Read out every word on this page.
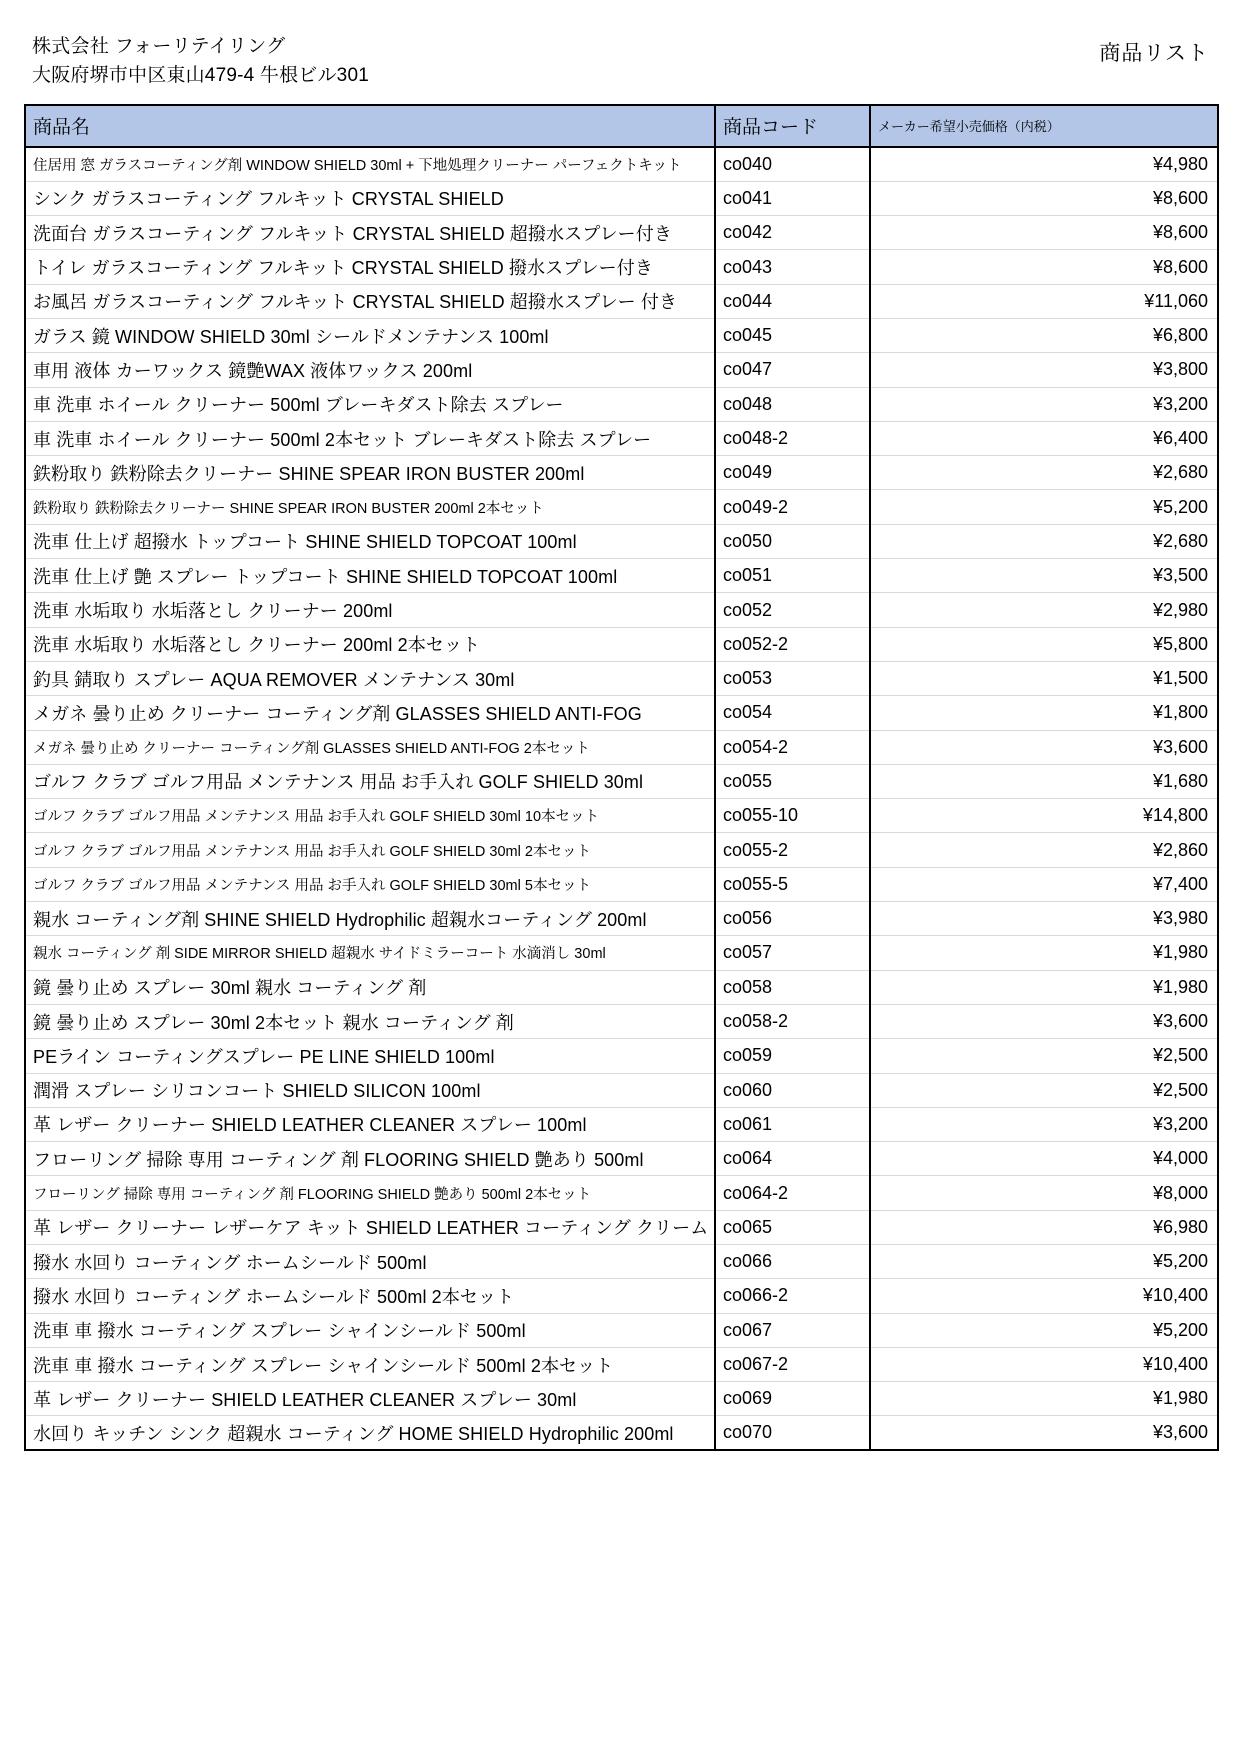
株式会社 フォーリテイリング
大阪府堺市中区東山479-4 牛根ビル301
商品リスト
商品名	商品コード	メーカー希望小売価格（内税）
住居用 窓 ガラスコーティング剤 WINDOW SHIELD 30ml + 下地処理クリーナー パーフェクトキット	co040	¥4,980
シンク ガラスコーティング フルキット CRYSTAL SHIELD	co041	¥8,600
洗面台 ガラスコーティング フルキット CRYSTAL SHIELD 超撥水スプレー付き	co042	¥8,600
トイレ ガラスコーティング フルキット CRYSTAL SHIELD 撥水スプレー付き	co043	¥8,600
お風呂 ガラスコーティング フルキット CRYSTAL SHIELD 超撥水スプレー 付き	co044	¥11,060
ガラス 鏡 WINDOW SHIELD 30ml シールドメンテナンス 100ml	co045	¥6,800
車用 液体 カーワックス 鏡艶WAX 液体ワックス 200ml	co047	¥3,800
車 洗車 ホイール クリーナー 500ml ブレーキダスト除去 スプレー	co048	¥3,200
車 洗車 ホイール クリーナー 500ml 2本セット ブレーキダスト除去 スプレー	co048-2	¥6,400
鉄粉取り 鉄粉除去クリーナー SHINE SPEAR IRON BUSTER 200ml	co049	¥2,680
鉄粉取り 鉄粉除去クリーナー SHINE SPEAR IRON BUSTER 200ml 2本セット	co049-2	¥5,200
洗車 仕上げ 超撥水 トップコート SHINE SHIELD TOPCOAT 100ml	co050	¥2,680
洗車 仕上げ 艶 スプレー トップコート SHINE SHIELD TOPCOAT 100ml	co051	¥3,500
洗車 水垢取り 水垢落とし クリーナー 200ml	co052	¥2,980
洗車 水垢取り 水垢落とし クリーナー 200ml 2本セット	co052-2	¥5,800
釣具 錆取り スプレー AQUA REMOVER メンテナンス 30ml	co053	¥1,500
メガネ 曇り止め クリーナー コーティング剤 GLASSES SHIELD ANTI-FOG	co054	¥1,800
メガネ 曇り止め クリーナー コーティング剤 GLASSES SHIELD ANTI-FOG 2本セット	co054-2	¥3,600
ゴルフ クラブ ゴルフ用品 メンテナンス 用品 お手入れ GOLF SHIELD 30ml	co055	¥1,680
ゴルフ クラブ ゴルフ用品 メンテナンス 用品 お手入れ GOLF SHIELD 30ml 10本セット	co055-10	¥14,800
ゴルフ クラブ ゴルフ用品 メンテナンス 用品 お手入れ GOLF SHIELD 30ml 2本セット	co055-2	¥2,860
ゴルフ クラブ ゴルフ用品 メンテナンス 用品 お手入れ GOLF SHIELD 30ml 5本セット	co055-5	¥7,400
親水 コーティング剤 SHINE SHIELD Hydrophilic 超親水コーティング 200ml	co056	¥3,980
親水 コーティング 剤 SIDE MIRROR SHIELD 超親水 サイドミラーコート 水滴消し 30ml	co057	¥1,980
鏡 曇り止め スプレー 30ml 親水 コーティング 剤	co058	¥1,980
鏡 曇り止め スプレー 30ml 2本セット 親水 コーティング 剤	co058-2	¥3,600
PEライン コーティングスプレー PE LINE SHIELD 100ml	co059	¥2,500
潤滑 スプレー シリコンコート SHIELD SILICON 100ml	co060	¥2,500
革 レザー クリーナー SHIELD LEATHER CLEANER スプレー 100ml	co061	¥3,200
フローリング 掃除 専用 コーティング 剤 FLOORING SHIELD 艶あり 500ml	co064	¥4,000
フローリング 掃除 専用 コーティング 剤 FLOORING SHIELD 艶あり 500ml 2本セット	co064-2	¥8,000
革 レザー クリーナー レザーケア キット SHIELD LEATHER コーティング クリーム	co065	¥6,980
撥水 水回り コーティング ホームシールド 500ml	co066	¥5,200
撥水 水回り コーティング ホームシールド 500ml 2本セット	co066-2	¥10,400
洗車 車 撥水 コーティング スプレー シャインシールド 500ml	co067	¥5,200
洗車 車 撥水 コーティング スプレー シャインシールド 500ml 2本セット	co067-2	¥10,400
革 レザー クリーナー SHIELD LEATHER CLEANER スプレー 30ml	co069	¥1,980
水回り キッチン シンク 超親水 コーティング HOME SHIELD Hydrophilic 200ml	co070	¥3,600
